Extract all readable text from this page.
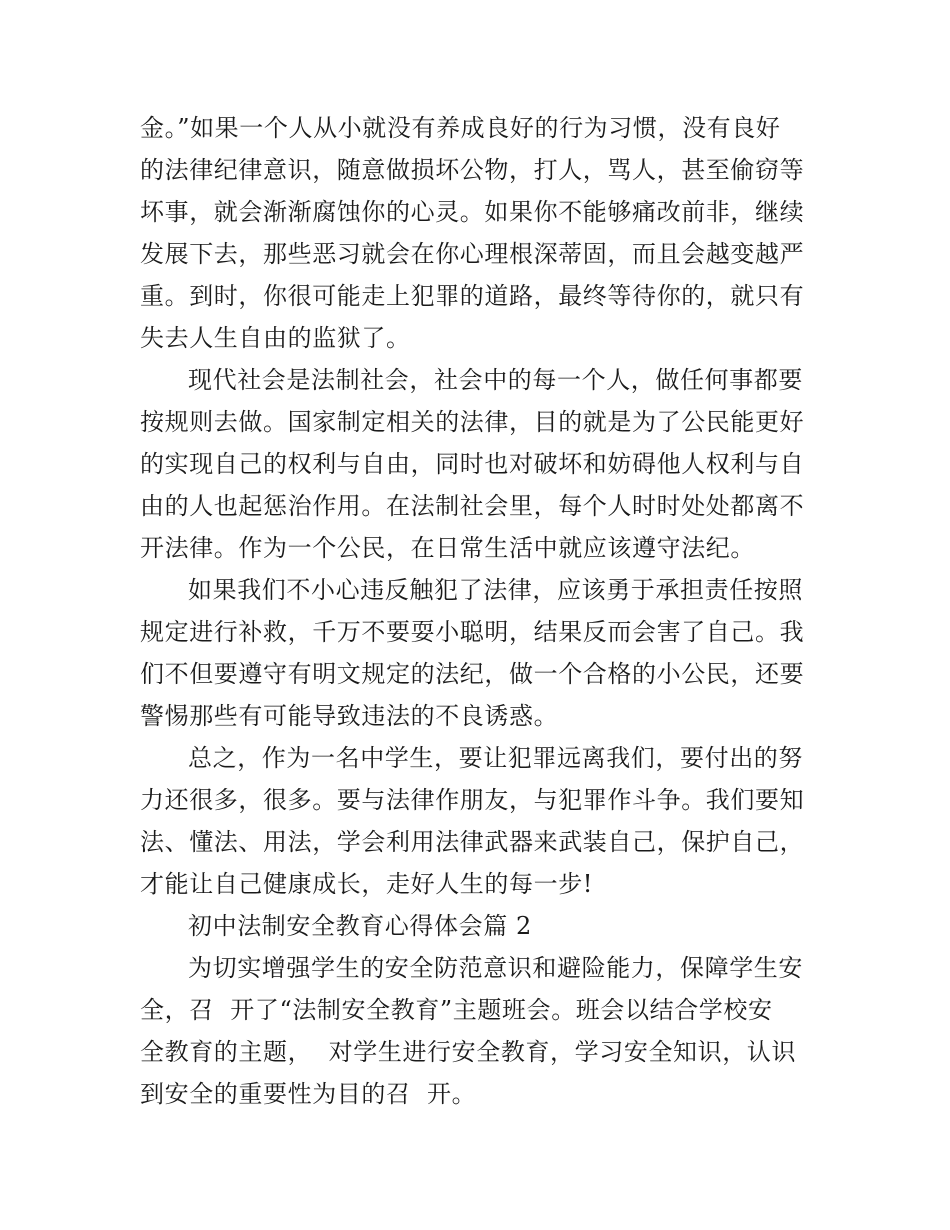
金。”如果一个人从小就没有养成良好的行为习惯，没有良好
的法律纪律意识，随意做损坏公物，打人，骂人，甚至偷窃等
坏事，就会渐渐腐蚀你的心灵。如果你不能够痛改前非，继续
发展下去，那些恶习就会在你心理根深蒂固，而且会越变越严
重。到时，你很可能走上犯罪的道路，最终等待你的，就只有
失去人生自由的监狱了。
现代社会是法制社会，社会中的每一个人，做任何事都要
按规则去做。国家制定相关的法律，目的就是为了公民能更好
的实现自己的权利与自由，同时也对破坏和妨碍他人权利与自
由的人也起惩治作用。在法制社会里，每个人时时处处都离不
开法律。作为一个公民，在日常生活中就应该遵守法纪。
如果我们不小心违反触犯了法律，应该勇于承担责任按照
规定进行补救，千万不要耍小聪明，结果反而会害了自己。我
们不但要遵守有明文规定的法纪，做一个合格的小公民，还要
警惕那些有可能导致违法的不良诱惑。
总之，作为一名中学生，要让犯罪远离我们，要付出的努
力还很多，很多。要与法律作朋友，与犯罪作斗争。我们要知
法、懂法、用法，学会利用法律武器来武装自己，保护自己，
才能让自己健康成长，走好人生的每一步!
初中法制安全教育心得体会篇 2
为切实增强学生的安全防范意识和避险能力，保障学生安
全，召  开了“法制安全教育”主题班会。班会以结合学校安
全教育的主题，  对学生进行安全教育，学习安全知识，认识
到安全的重要性为目的召  开。
